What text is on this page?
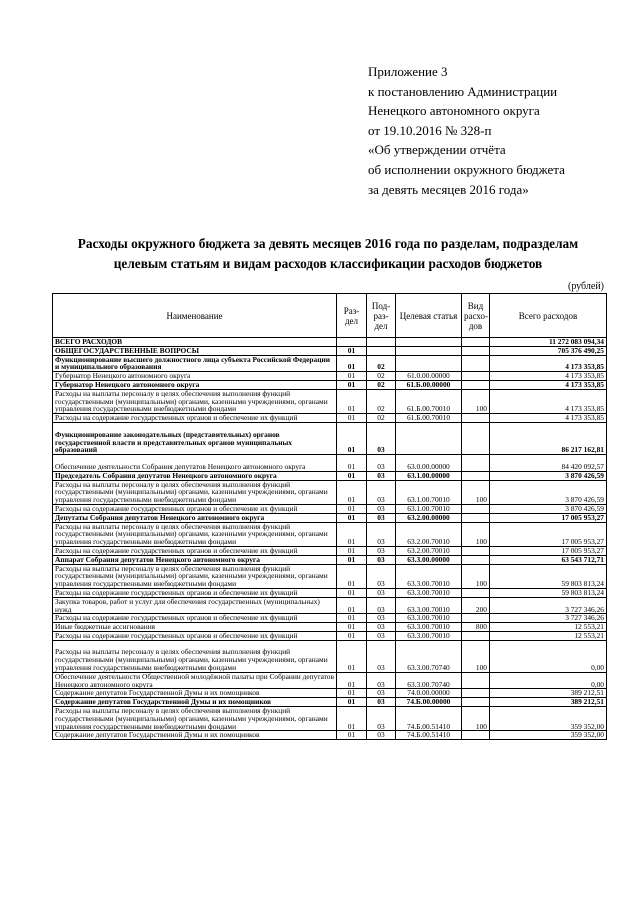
Приложение 3
к постановлению Администрации
Ненецкого автономного округа
от 19.10.2016 № 328-п
«Об утверждении отчёта
об исполнении окружного бюджета
за девять месяцев 2016 года»
Расходы окружного бюджета за девять месяцев 2016 года по разделам, подразделам
целевым статьям и видам расходов классификации расходов бюджетов
(рублей)
Наименование	Раз-дел	Под-раз-дел	Целевая статья	Вид расхо-дов	Всего расходов
ВСЕГО РАСХОДОВ					11 272 083 094,34
ОБЩЕГОСУДАРСТВЕННЫЕ ВОПРОСЫ	01				705 376 490,25
Функционирование высшего должностного лица субъекта Российской Федерации и муниципального образования	01	02			4 173 353,85
Губернатор Ненецкого автономного округа	01	02	61.0.00.00000		4 173 353,85
Губернатор Ненецкого автономного округа	01	02	61.Б.00.00000		4 173 353,85
Расходы на выплаты персоналу в целях обеспечения выполнения функций государственными (муниципальными) органами, казенными учреждениями, органами управления государственными внебюджетными фондами	01	02	61.Б.00.70010	100	4 173 353,85
Расходы на содержание государственных органов и обеспечение их функций	01	02	61.Б.00.70010		4 173 353,85
Функционирование законодательных (представительных) органов государственной власти и представительных органов муниципальных образований	01	03			86 217 162,81
Обеспечение деятельности Собрания депутатов Ненецкого автономного округа	01	03	63.0.00.00000		84 420 092,57
Председатель Собрания депутатов Ненецкого автономного округа	01	03	63.1.00.00000		3 870 426,59
Расходы на выплаты персоналу в целях обеспечения выполнения функций государственными (муниципальными) органами, казенными учреждениями, органами управления государственными внебюджетными фондами	01	03	63.1.00.70010	100	3 870 426,59
Расходы на содержание государственных органов и обеспечение их функций	01	03	63.1.00.70010		3 870 426,59
Депутаты Собрания депутатов Ненецкого автономного округа	01	03	63.2.00.00000		17 005 953,27
Расходы на выплаты персоналу в целях обеспечения выполнения функций государственными (муниципальными) органами, казенными учреждениями, органами управления государственными внебюджетными фондами	01	03	63.2.00.70010	100	17 005 953,27
Расходы на содержание государственных органов и обеспечение их функций	01	03	63.2.00.70010		17 005 953,27
Аппарат Собрания депутатов Ненецкого автономного округа	01	03	63.3.00.00000		63 543 712,71
Расходы на выплаты персоналу в целях обеспечения выполнения функций государственными (муниципальными) органами, казенными учреждениями, органами управления государственными внебюджетными фондами	01	03	63.3.00.70010	100	59 803 813,24
Расходы на содержание государственных органов и обеспечение их функций	01	03	63.3.00.70010		59 803 813,24
Закупка товаров, работ и услуг для обеспечения государственных (муниципальных) нужд	01	03	63.3.00.70010	200	3 727 346,26
Расходы на содержание государственных органов и обеспечение их функций	01	03	63.3.00.70010		3 727 346,26
Иные бюджетные ассигнования	01	03	63.3.00.70010	800	12 553,21
Расходы на содержание государственных органов и обеспечение их функций	01	03	63.3.00.70010		12 553,21
Расходы на выплаты персоналу в целях обеспечения выполнения функций государственными (муниципальными) органами, казенными учреждениями, органами управления государственными внебюджетными фондами	01	03	63.3.00.70740	100	0,00
Обеспечение деятельности Общественной молодёжной палаты при Собрании депутатов Ненецкого автономного округа	01	03	63.3.00.70740		0,00
Содержание депутатов Государственной Думы и их помощников	01	03	74.0.00.00000		389 212,51
Содержание депутатов Государственной Думы и их помощников	01	03	74.Б.00.00000		389 212,51
Расходы на выплаты персоналу в целях обеспечения выполнения функций государственными (муниципальными) органами, казенными учреждениями, органами управления государственными внебюджетными фондами	01	03	74.Б.00.51410	100	359 352,00
Содержание депутатов Государственной Думы и их помощников	01	03	74.Б.00.51410		359 352,00
